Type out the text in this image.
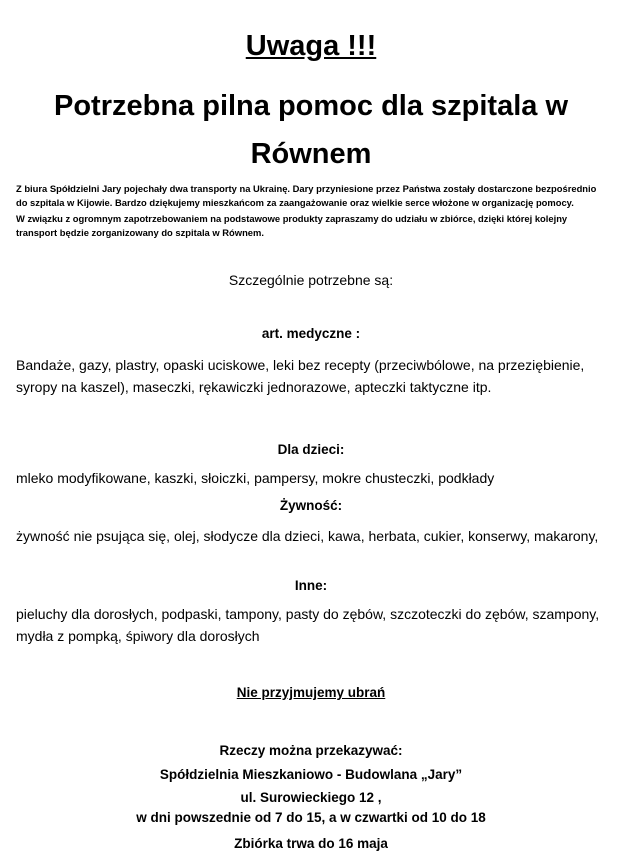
Uwaga !!!
Potrzebna pilna pomoc dla szpitala w Równem
Z biura Spółdzielni Jary pojechały dwa transporty na Ukrainę. Dary przyniesione przez Państwa zostały dostarczone bezpośrednio do szpitala w Kijowie. Bardzo dziękujemy mieszkańcom za zaangażowanie oraz wielkie serce włożone w organizację pomocy.
W związku z ogromnym zapotrzebowaniem na podstawowe produkty zapraszamy do udziału w zbiórce, dzięki której kolejny transport będzie zorganizowany do szpitala w Równem.
Szczególnie potrzebne są:
art. medyczne :
Bandaże, gazy, plastry, opaski uciskowe, leki bez recepty (przeciwbólowe, na przeziębienie, syropy na kaszel), maseczki, rękawiczki jednorazowe, apteczki taktyczne itp.
Dla dzieci:
mleko modyfikowane, kaszki, słoiczki, pampersy, mokre chusteczki, podkłady
Żywność:
żywność nie psująca się, olej, słodycze dla dzieci, kawa, herbata, cukier, konserwy, makarony,
Inne:
pieluchy dla dorosłych, podpaski, tampony, pasty do zębów, szczoteczki do zębów, szampony, mydła z pompką, śpiwory dla dorosłych
Nie przyjmujemy ubrań
Rzeczy można przekazywać:
Spółdzielnia Mieszkaniowo - Budowlana „Jary”
ul. Surowieckiego 12 ,
w dni powszednie od 7 do 15, a w czwartki od 10 do 18
Zbiórka trwa do 16 maja
